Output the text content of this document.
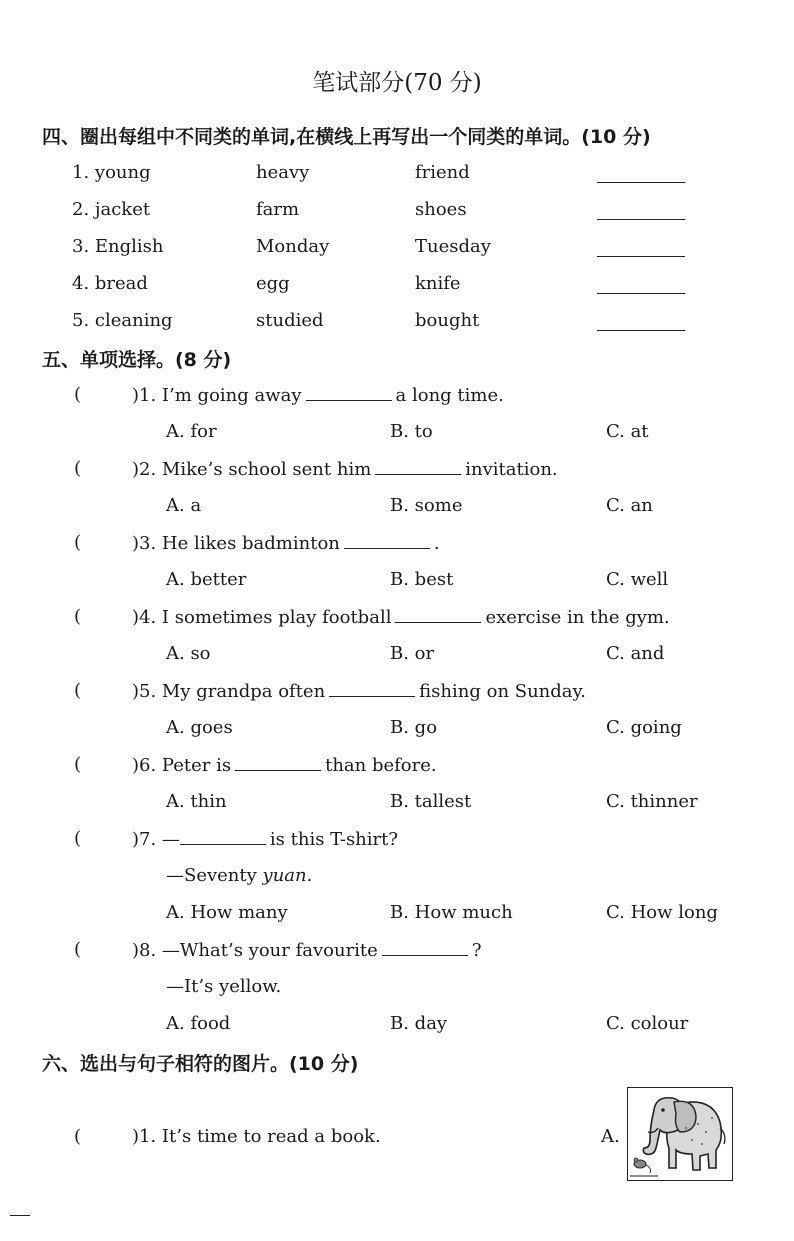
笔试部分(70 分)
四、圈出每组中不同类的单词,在横线上再写出一个同类的单词。(10 分)
1. young	heavy	friend
2. jacket	farm	shoes
3. English	Monday	Tuesday
4. bread	egg	knife
5. cleaning	studied	bought
五、单项选择。(8 分)
(	)1. I’m going away	a long time.
A. for	B. to	C. at
(	)2. Mike’s school sent him	invitation.
A. a	B. some	C. an
(	)3. He likes badminton	.
A. better	B. best	C. well
(	)4. I sometimes play football	exercise in the gym.
A. so	B. or	C. and
(	)5. My grandpa often	fishing on Sunday.
A. goes	B. go	C. going
(	)6. Peter is	than before.
A. thin	B. tallest	C. thinner
(	)7. —	is this T-shirt?
—Seventy yuan.
A. How many	B. How much	C. How long
(	)8. —What’s your favourite	?
—It’s yellow.
A. food	B. day	C. colour
六、选出与句子相符的图片。(10 分)
(	)1. It’s time to read a book.	A.
